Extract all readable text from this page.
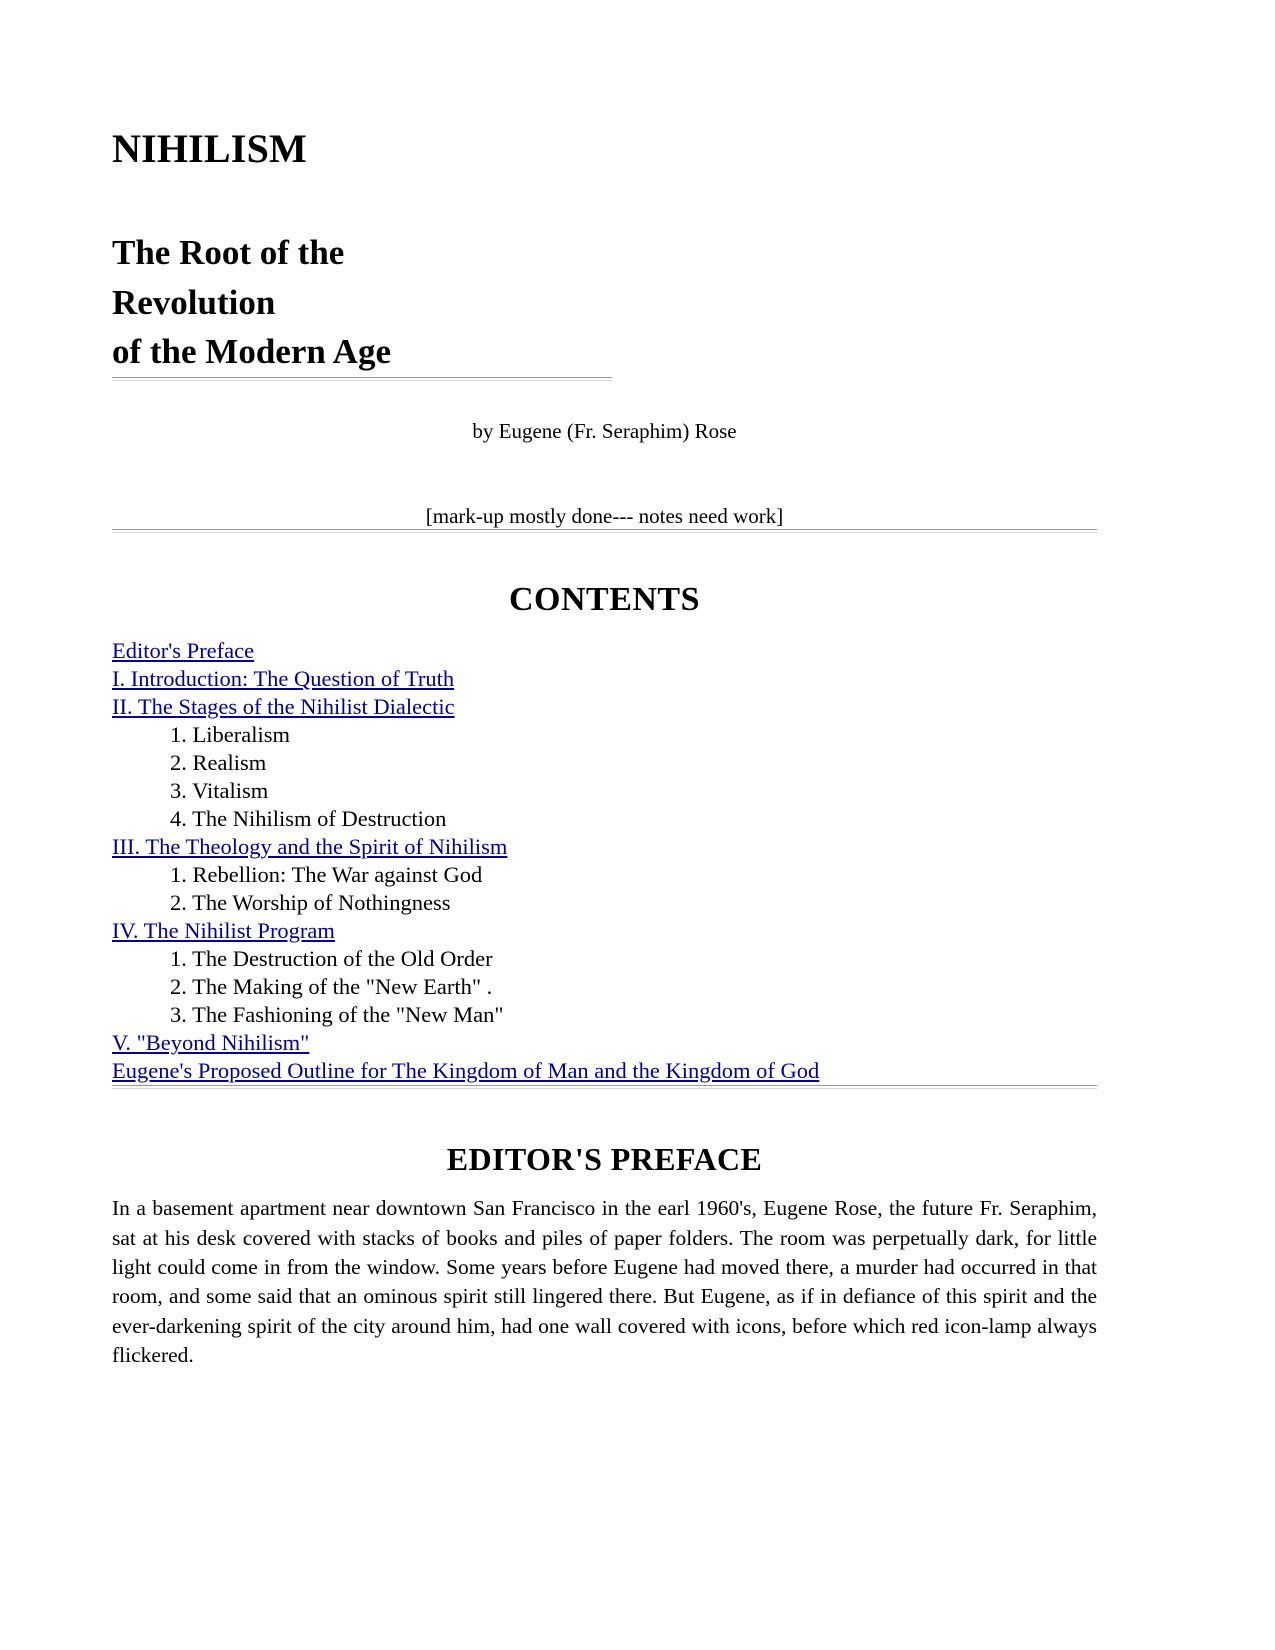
NIHILISM
The Root of the
Revolution
of the Modern Age

by Eugene (Fr. Seraphim) Rose

[mark-up mostly done--- notes need work]

CONTENTS
Editor's Preface
I. Introduction: The Question of Truth
II. The Stages of the Nihilist Dialectic
1. Liberalism
2. Realism
3. Vitalism
4. The Nihilism of Destruction
III. The Theology and the Spirit of Nihilism
1. Rebellion: The War against God
2. The Worship of Nothingness
IV. The Nihilist Program
1. The Destruction of the Old Order
2. The Making of the "New Earth" .
3. The Fashioning of the "New Man"
V. "Beyond Nihilism"
Eugene's Proposed Outline for The Kingdom of Man and the Kingdom of God
EDITOR'S PREFACE

In a basement apartment near downtown San Francisco in the earl 1960's, Eugene Rose, the future Fr. Seraphim, sat at his desk covered with stacks of books and piles of paper folders. The room was perpetually dark, for little light could come in from the window. Some years before Eugene had moved there, a murder had occurred in that room, and some said that an ominous spirit still lingered there. But Eugene, as if in defiance of this spirit and the ever-darkening spirit of the city around him, had one wall covered with icons, before which red icon-lamp always flickered.
